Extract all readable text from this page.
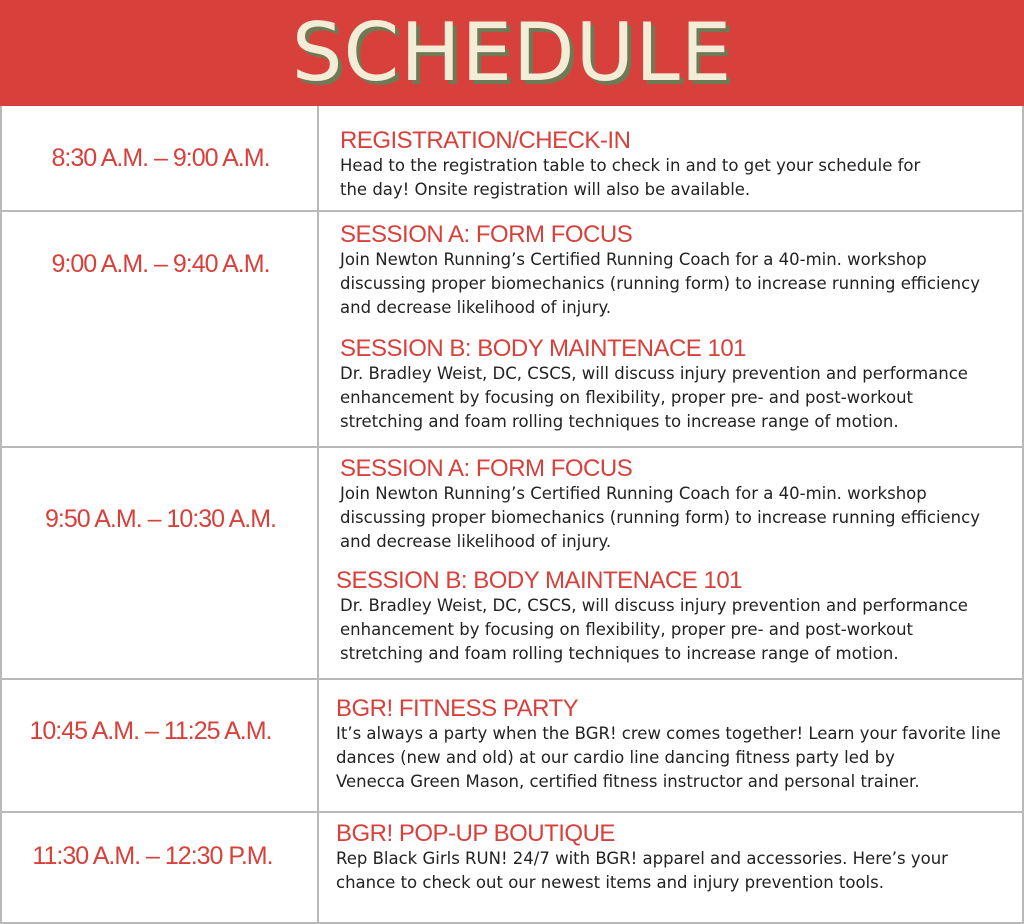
SCHEDULE
8:30 A.M. – 9:00 A.M.
REGISTRATION/CHECK-IN
Head to the registration table to check in and to get your schedule for
the day! Onsite registration will also be available.
9:00 A.M. – 9:40 A.M.
SESSION A: FORM FOCUS
Join Newton Running’s Certified Running Coach for a 40-min. workshop
discussing proper biomechanics (running form) to increase running efficiency
and decrease likelihood of injury.
SESSION B: BODY MAINTENACE 101
Dr. Bradley Weist, DC, CSCS, will discuss injury prevention and performance
enhancement by focusing on flexibility, proper pre- and post-workout
stretching and foam rolling techniques to increase range of motion.
9:50 A.M. – 10:30 A.M.
SESSION A: FORM FOCUS
Join Newton Running’s Certified Running Coach for a 40-min. workshop
discussing proper biomechanics (running form) to increase running efficiency
and decrease likelihood of injury.
SESSION B: BODY MAINTENACE 101
Dr. Bradley Weist, DC, CSCS, will discuss injury prevention and performance
enhancement by focusing on flexibility, proper pre- and post-workout
stretching and foam rolling techniques to increase range of motion.
10:45 A.M. – 11:25 A.M.
BGR! FITNESS PARTY
It’s always a party when the BGR! crew comes together! Learn your favorite line
dances (new and old) at our cardio line dancing fitness party led by
Venecca Green Mason, certified fitness instructor and personal trainer.
11:30 A.M. – 12:30 P.M.
BGR! POP-UP BOUTIQUE
Rep Black Girls RUN! 24/7 with BGR! apparel and accessories. Here’s your
chance to check out our newest items and injury prevention tools.
